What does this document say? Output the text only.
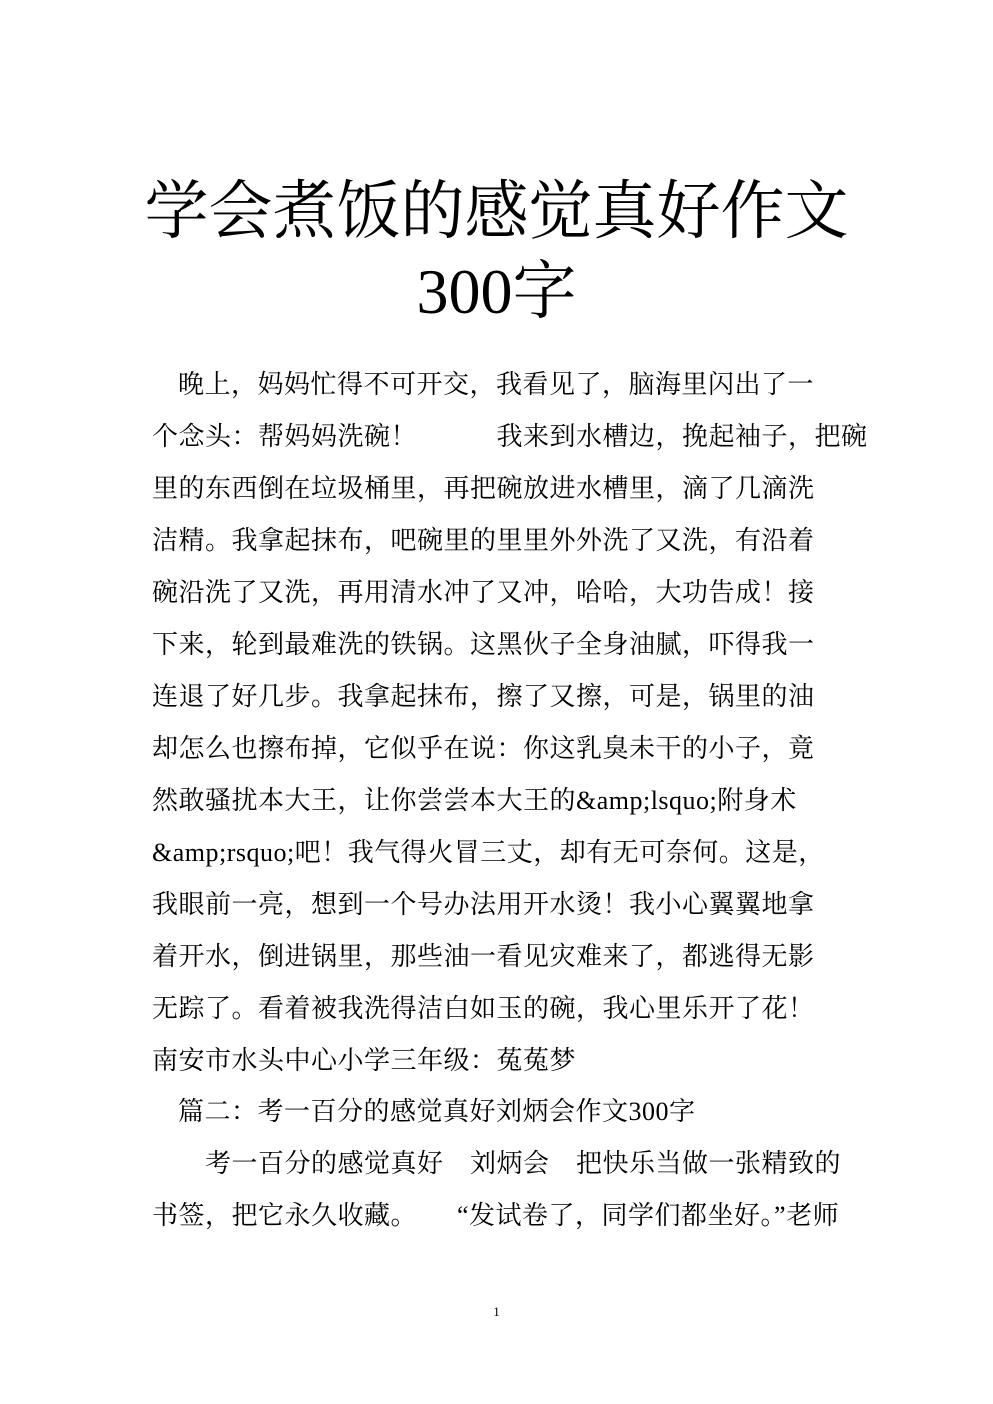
学会煮饭的感觉真好作文
300字
晚上，妈妈忙得不可开交，我看见了，脑海里闪出了一
个念头：帮妈妈洗碗！　　　我来到水槽边，挽起袖子，把碗
里的东西倒在垃圾桶里，再把碗放进水槽里，滴了几滴洗
洁精。我拿起抹布，吧碗里的里里外外洗了又洗，有沿着
碗沿洗了又洗，再用清水冲了又冲，哈哈，大功告成！接
下来，轮到最难洗的铁锅。这黑伙子全身油腻，吓得我一
连退了好几步。我拿起抹布，擦了又擦，可是，锅里的油
却怎么也擦布掉，它似乎在说：你这乳臭未干的小子，竟
然敢骚扰本大王，让你尝尝本大王的&amp;lsquo;附身术
&amp;rsquo;吧！我气得火冒三丈，却有无可奈何。这是，
我眼前一亮，想到一个号办法用开水烫！我小心翼翼地拿
着开水，倒进锅里，那些油一看见灾难来了，都逃得无影
无踪了。看着被我洗得洁白如玉的碗，我心里乐开了花！
南安市水头中心小学三年级：菟菟梦
篇二：考一百分的感觉真好刘炳会作文300字
考一百分的感觉真好　刘炳会　把快乐当做一张精致的
书签，把它永久收藏。　　“发试卷了，同学们都坐好。”老师
1
